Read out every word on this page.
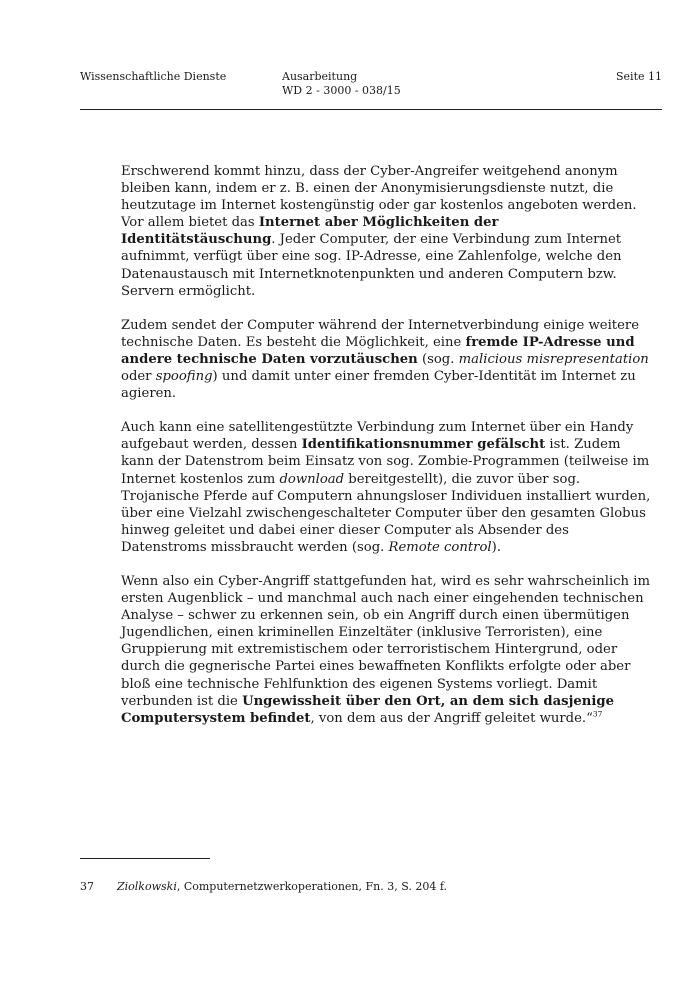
Wissenschaftliche Dienste	Ausarbeitung
WD 2 - 3000 - 038/15
Seite 11

Erschwerend kommt hinzu, dass der Cyber-Angreifer weitgehend anonym bleiben kann, indem er z. B. einen der Anonymisierungsdienste nutzt, die heutzutage im Internet kostengünstig oder gar kostenlos angeboten werden. Vor allem bietet das Internet aber Möglichkeiten der Identitätstäuschung. Jeder Computer, der eine Verbindung zum Internet aufnimmt, verfügt über eine sog. IP-Adresse, eine Zahlenfolge, welche den Datenaustausch mit Internetknotenpunkten und anderen Computern bzw. Servern ermöglicht.

Zudem sendet der Computer während der Internetverbindung einige weitere technische Daten. Es besteht die Möglichkeit, eine fremde IP-Adresse und andere technische Daten vorzutäuschen (sog. malicious misrepresentation oder spoofing) und damit unter einer fremden Cyber-Identität im Internet zu agieren.

Auch kann eine satellitengestützte Verbindung zum Internet über ein Handy aufgebaut werden, dessen Identifikationsnummer gefälscht ist. Zudem kann der Datenstrom beim Einsatz von sog. Zombie-Programmen (teilweise im Internet kostenlos zum download bereitgestellt), die zuvor über sog. Trojanische Pferde auf Computern ahnungsloser Individuen installiert wurden, über eine Vielzahl zwischengeschalteter Computer über den gesamten Globus hinweg geleitet und dabei einer dieser Computer als Absender des Datenstroms missbraucht werden (sog. Remote control).

Wenn also ein Cyber-Angriff stattgefunden hat, wird es sehr wahrscheinlich im ersten Augenblick – und manchmal auch nach einer eingehenden technischen Analyse – schwer zu erkennen sein, ob ein Angriff durch einen übermütigen Jugendlichen, einen kriminellen Einzeltäter (inklusive Terroristen), eine Gruppierung mit extremistischem oder terroristischem Hintergrund, oder durch die gegnerische Partei eines bewaffneten Konflikts erfolgte oder aber bloß eine technische Fehlfunktion des eigenen Systems vorliegt. Damit verbunden ist die Ungewissheit über den Ort, an dem sich dasjenige Computersystem befindet, von dem aus der Angriff geleitet wurde.“$^{37}$

37 Ziolkowski, Computernetzwerkoperationen, Fn. 3, S. 204 f.
